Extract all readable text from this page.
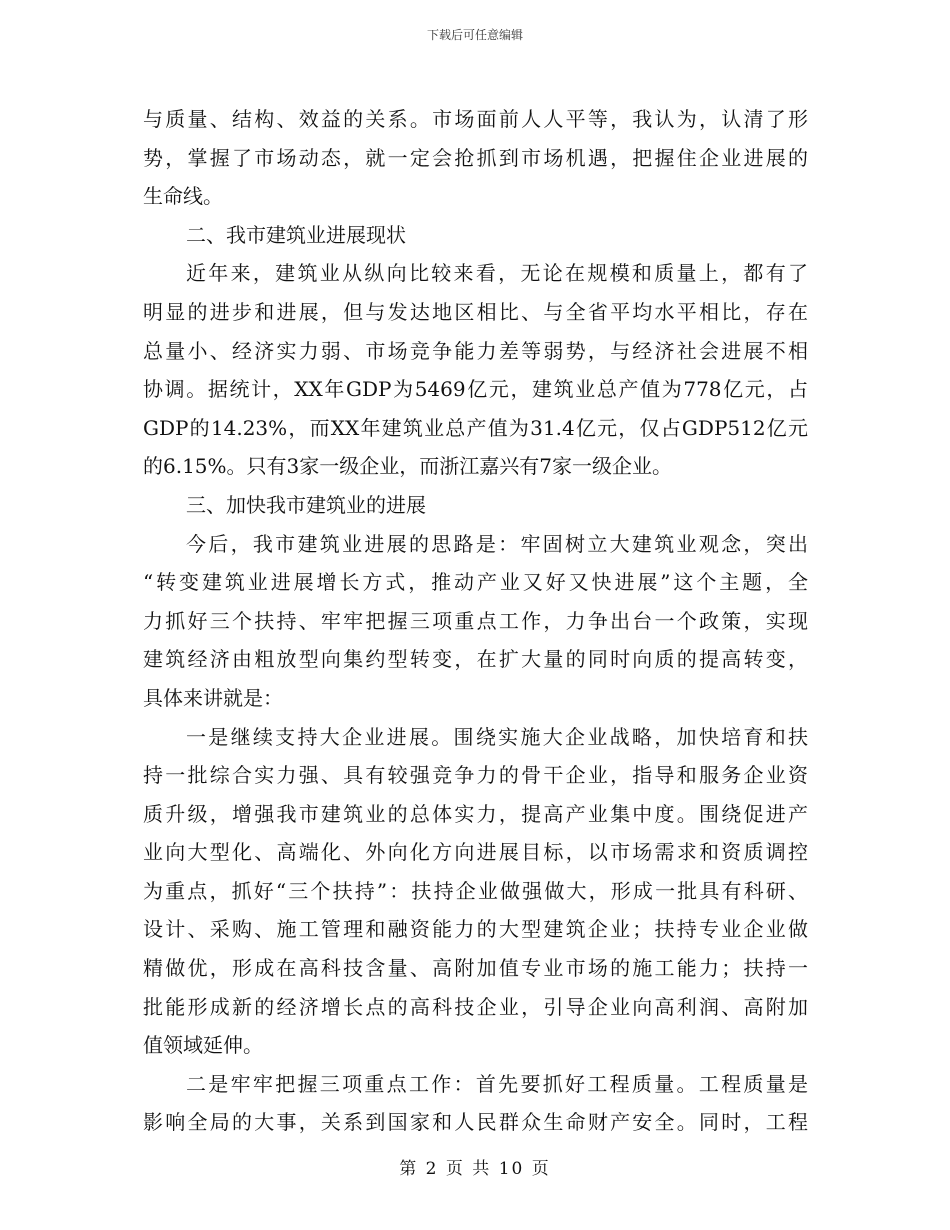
下载后可任意编辑
与质量、结构、效益的关系。市场面前人人平等，我认为，认清了形
势，掌握了市场动态，就一定会抢抓到市场机遇，把握住企业进展的
生命线。
二、我市建筑业进展现状
近年来，建筑业从纵向比较来看，无论在规模和质量上，都有了
明显的进步和进展，但与发达地区相比、与全省平均水平相比，存在
总量小、经济实力弱、市场竞争能力差等弱势，与经济社会进展不相
协调。据统计，XX年GDP为5469亿元，建筑业总产值为778亿元，占
GDP的14.23%，而XX年建筑业总产值为31.4亿元，仅占GDP512亿元
的6.15%。只有3家一级企业，而浙江嘉兴有7家一级企业。
三、加快我市建筑业的进展
今后，我市建筑业进展的思路是：牢固树立大建筑业观念，突出
“转变建筑业进展增长方式，推动产业又好又快进展”这个主题，全
力抓好三个扶持、牢牢把握三项重点工作，力争出台一个政策，实现
建筑经济由粗放型向集约型转变，在扩大量的同时向质的提高转变，
具体来讲就是：
一是继续支持大企业进展。围绕实施大企业战略，加快培育和扶
持一批综合实力强、具有较强竞争力的骨干企业，指导和服务企业资
质升级，增强我市建筑业的总体实力，提高产业集中度。围绕促进产
业向大型化、高端化、外向化方向进展目标，以市场需求和资质调控
为重点，抓好“三个扶持”：扶持企业做强做大，形成一批具有科研、
设计、采购、施工管理和融资能力的大型建筑企业；扶持专业企业做
精做优，形成在高科技含量、高附加值专业市场的施工能力；扶持一
批能形成新的经济增长点的高科技企业，引导企业向高利润、高附加
值领域延伸。
二是牢牢把握三项重点工作：首先要抓好工程质量。工程质量是
影响全局的大事，关系到国家和人民群众生命财产安全。同时，工程
第 2 页 共 10 页
